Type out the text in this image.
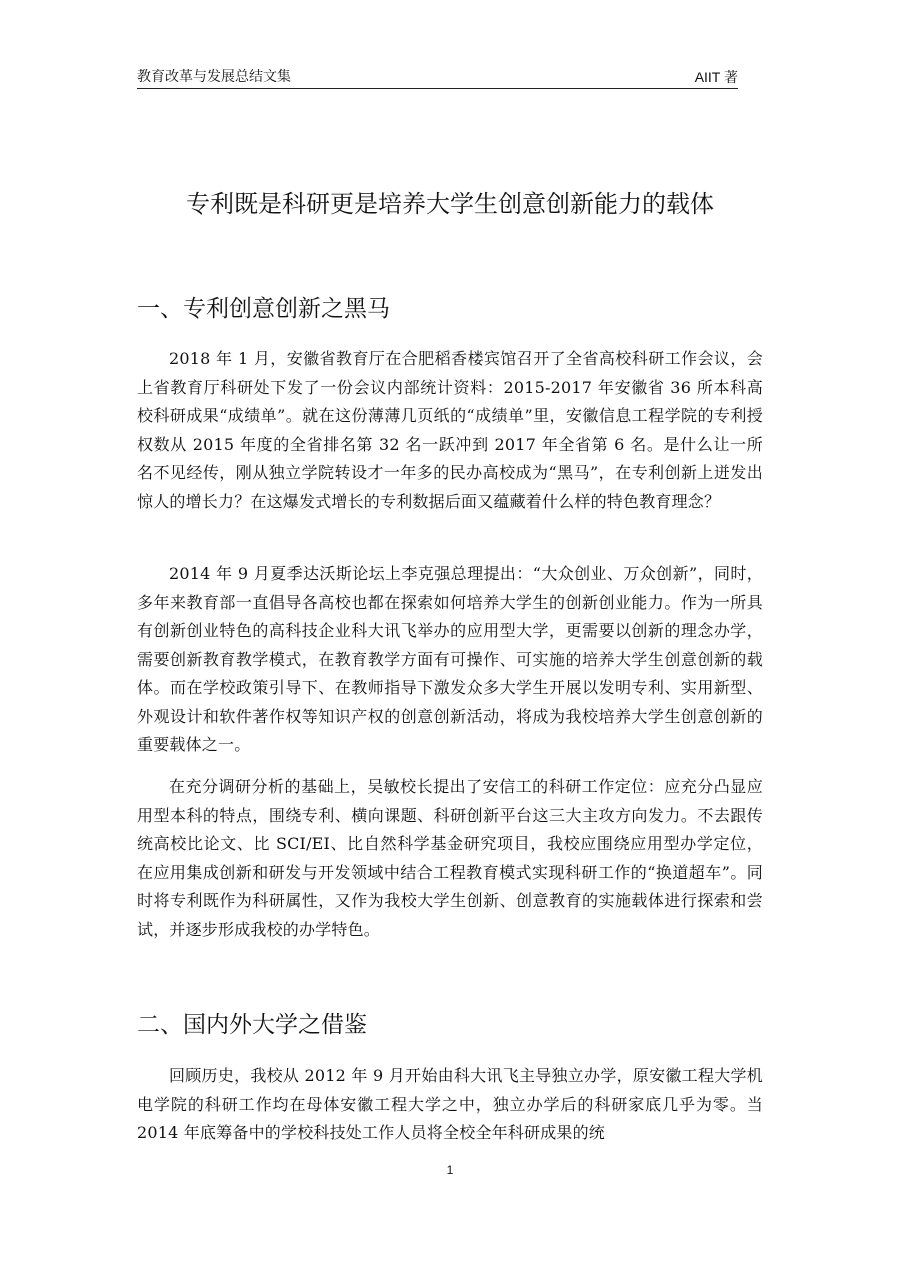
教育改革与发展总结文集	AIIT 著
专利既是科研更是培养大学生创意创新能力的载体
一、专利创意创新之黑马

2018 年 1 月，安徽省教育厅在合肥稻香楼宾馆召开了全省高校科研工作会议，会上省教育厅科研处下发了一份会议内部统计资料：2015-2017 年安徽省 36 所本科高校科研成果“成绩单”。就在这份薄薄几页纸的“成绩单”里，安徽信息工程学院的专利授权数从 2015 年度的全省排名第 32 名一跃冲到 2017 年全省第 6 名。是什么让一所名不见经传，刚从独立学院转设才一年多的民办高校成为“黑马”，在专利创新上迸发出惊人的增长力？在这爆发式增长的专利数据后面又蕴藏着什么样的特色教育理念？

2014 年 9 月夏季达沃斯论坛上李克强总理提出：“大众创业、万众创新”，同时，多年来教育部一直倡导各高校也都在探索如何培养大学生的创新创业能力。作为一所具有创新创业特色的高科技企业科大讯飞举办的应用型大学，更需要以创新的理念办学，需要创新教育教学模式，在教育教学方面有可操作、可实施的培养大学生创意创新的载体。而在学校政策引导下、在教师指导下激发众多大学生开展以发明专利、实用新型、外观设计和软件著作权等知识产权的创意创新活动，将成为我校培养大学生创意创新的重要载体之一。

在充分调研分析的基础上，吴敏校长提出了安信工的科研工作定位：应充分凸显应用型本科的特点，围绕专利、横向课题、科研创新平台这三大主攻方向发力。不去跟传统高校比论文、比 SCI/EI、比自然科学基金研究项目，我校应围绕应用型办学定位，在应用集成创新和研发与开发领域中结合工程教育模式实现科研工作的“换道超车”。同时将专利既作为科研属性，又作为我校大学生创新、创意教育的实施载体进行探索和尝试，并逐步形成我校的办学特色。

二、国内外大学之借鉴

回顾历史，我校从 2012 年 9 月开始由科大讯飞主导独立办学，原安徽工程大学机电学院的科研工作均在母体安徽工程大学之中，独立办学后的科研家底几乎为零。当 2014 年底筹备中的学校科技处工作人员将全校全年科研成果的统

1
